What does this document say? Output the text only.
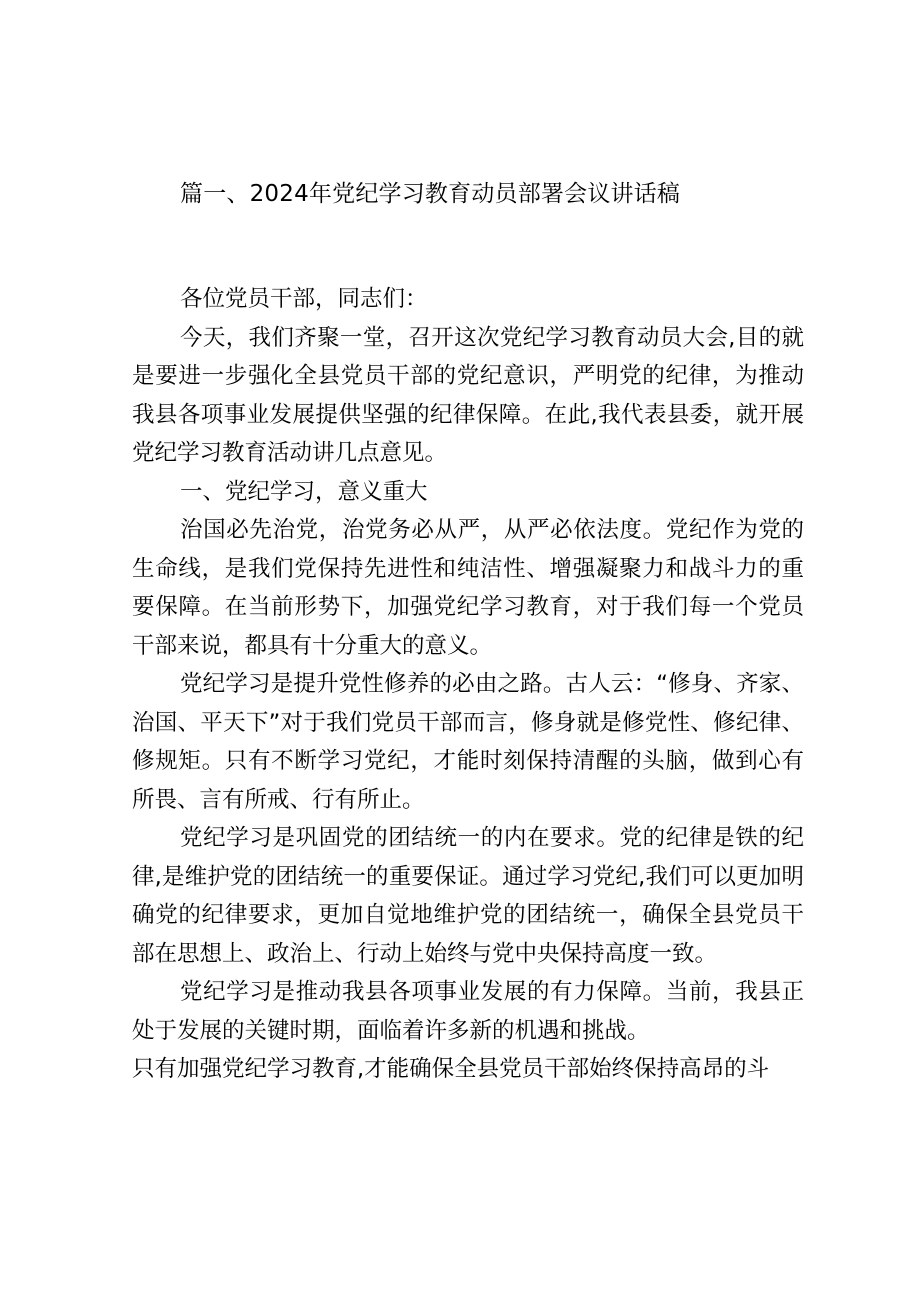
篇一、2024年党纪学习教育动员部署会议讲话稿

各位党员干部，同志们：

今天，我们齐聚一堂，召开这次党纪学习教育动员大会,目的就是要进一步强化全县党员干部的党纪意识，严明党的纪律，为推动我县各项事业发展提供坚强的纪律保障。在此,我代表县委，就开展党纪学习教育活动讲几点意见。

一、党纪学习，意义重大

治国必先治党，治党务必从严，从严必依法度。党纪作为党的生命线，是我们党保持先进性和纯洁性、增强凝聚力和战斗力的重要保障。在当前形势下，加强党纪学习教育，对于我们每一个党员干部来说，都具有十分重大的意义。

党纪学习是提升党性修养的必由之路。古人云：“修身、齐家、治国、平天下”对于我们党员干部而言，修身就是修党性、修纪律、修规矩。只有不断学习党纪，才能时刻保持清醒的头脑，做到心有所畏、言有所戒、行有所止。

党纪学习是巩固党的团结统一的内在要求。党的纪律是铁的纪律,是维护党的团结统一的重要保证。通过学习党纪,我们可以更加明确党的纪律要求，更加自觉地维护党的团结统一，确保全县党员干部在思想上、政治上、行动上始终与党中央保持高度一致。

党纪学习是推动我县各项事业发展的有力保障。当前，我县正处于发展的关键时期，面临着许多新的机遇和挑战。

只有加强党纪学习教育,才能确保全县党员干部始终保持高昂的斗
